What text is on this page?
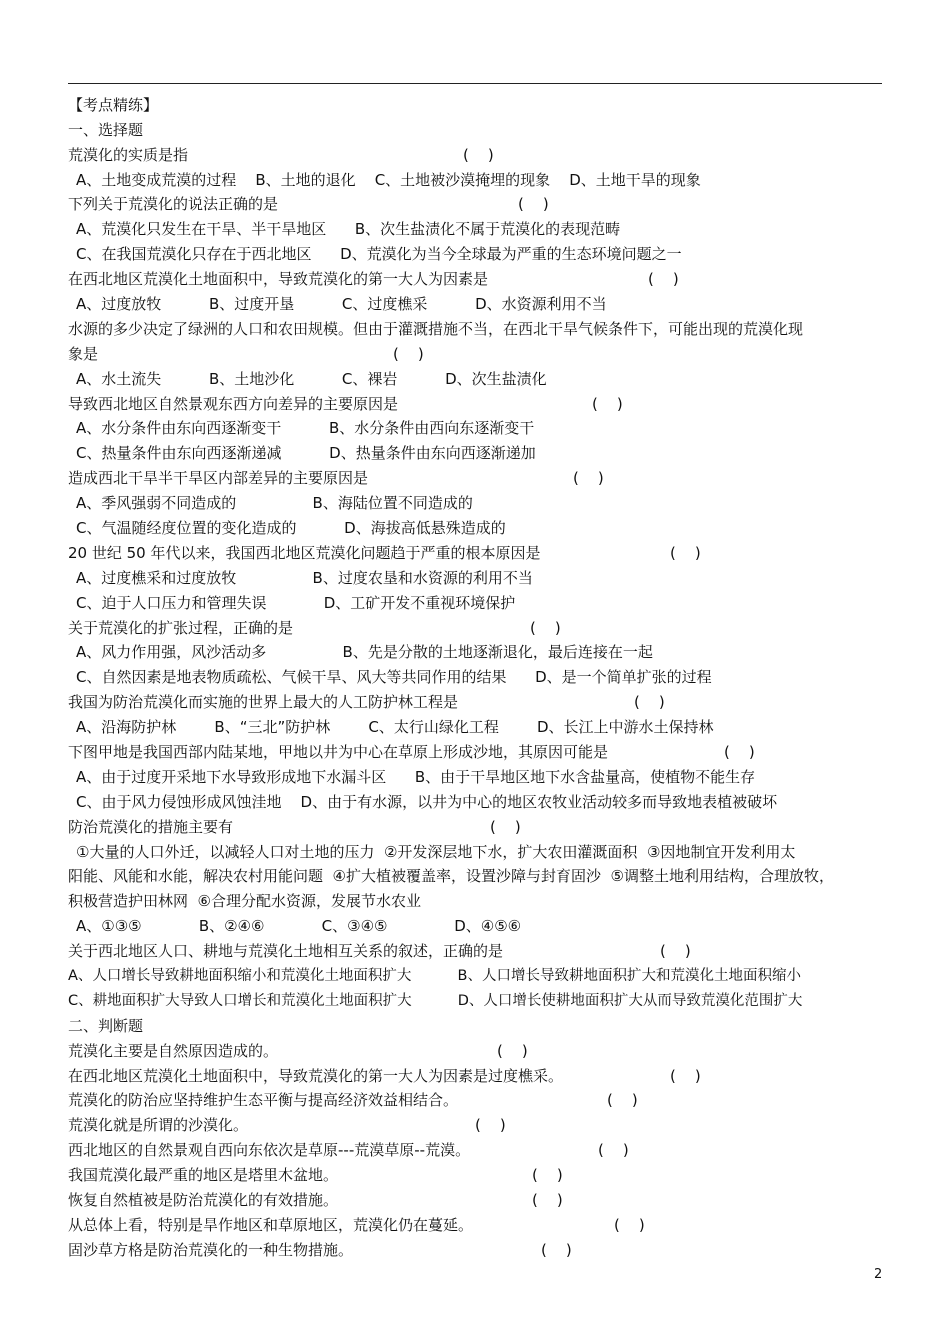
【考点精练】
一、选择题
荒漠化的实质是指	(    )
A、土地变成荒漠的过程    B、土地的退化    C、土地被沙漠掩埋的现象    D、土地干旱的现象
下列关于荒漠化的说法正确的是	(    )
A、荒漠化只发生在干旱、半干旱地区      B、次生盐渍化不属于荒漠化的表现范畴
C、在我国荒漠化只存在于西北地区      D、荒漠化为当今全球最为严重的生态环境问题之一
在西北地区荒漠化土地面积中，导致荒漠化的第一大人为因素是	(    )
A、过度放牧          B、过度开垦          C、过度樵采          D、水资源利用不当
水源的多少决定了绿洲的人口和农田规模。但由于灌溉措施不当，在西北干旱气候条件下，可能出现的荒漠化现
象是	(    )
A、水土流失          B、土地沙化          C、裸岩          D、次生盐渍化
导致西北地区自然景观东西方向差异的主要原因是	(    )
A、水分条件由东向西逐渐变干          B、水分条件由西向东逐渐变干
C、热量条件由东向西逐渐递减          D、热量条件由东向西逐渐递加
造成西北干旱半干旱区内部差异的主要原因是	(    )
A、季风强弱不同造成的                B、海陆位置不同造成的
C、气温随经度位置的变化造成的          D、海拔高低悬殊造成的
20 世纪 50 年代以来，我国西北地区荒漠化问题趋于严重的根本原因是	(    )
A、过度樵采和过度放牧                B、过度农垦和水资源的利用不当
C、迫于人口压力和管理失误            D、工矿开发不重视环境保护
关于荒漠化的扩张过程，正确的是	(    )
A、风力作用强，风沙活动多                B、先是分散的土地逐渐退化，最后连接在一起
C、自然因素是地表物质疏松、气候干旱、风大等共同作用的结果      D、是一个简单扩张的过程
我国为防治荒漠化而实施的世界上最大的人工防护林工程是	(    )
A、沿海防护林        B、“三北”防护林        C、太行山绿化工程        D、长江上中游水土保持林
下图甲地是我国西部内陆某地，甲地以井为中心在草原上形成沙地，其原因可能是	(    )
A、由于过度开采地下水导致形成地下水漏斗区      B、由于干旱地区地下水含盐量高，使植物不能生存
C、由于风力侵蚀形成风蚀洼地    D、由于有水源，以井为中心的地区农牧业活动较多而导致地表植被破坏
防治荒漠化的措施主要有	(    )
①大量的人口外迁，以减轻人口对土地的压力  ②开发深层地下水，扩大农田灌溉面积  ③因地制宜开发利用太
阳能、风能和水能，解决农村用能问题  ④扩大植被覆盖率，设置沙障与封育固沙  ⑤调整土地利用结构，合理放牧，
积极营造护田林网  ⑥合理分配水资源，发展节水农业
A、①③⑤            B、②④⑥            C、③④⑤              D、④⑤⑥
关于西北地区人口、耕地与荒漠化土地相互关系的叙述，正确的是	(    )
A、人口增长导致耕地面积缩小和荒漠化土地面积扩大          B、人口增长导致耕地面积扩大和荒漠化土地面积缩小
C、耕地面积扩大导致人口增长和荒漠化土地面积扩大          D、人口增长使耕地面积扩大从而导致荒漠化范围扩大
二、判断题
荒漠化主要是自然原因造成的。	(    )
在西北地区荒漠化土地面积中，导致荒漠化的第一大人为因素是过度樵采。	(    )
荒漠化的防治应坚持维护生态平衡与提高经济效益相结合。	(    )
荒漠化就是所谓的沙漠化。	(    )
西北地区的自然景观自西向东依次是草原---荒漠草原--荒漠。	(    )
我国荒漠化最严重的地区是塔里木盆地。	(    )
恢复自然植被是防治荒漠化的有效措施。	(    )
从总体上看，特别是旱作地区和草原地区，荒漠化仍在蔓延。	(    )
固沙草方格是防治荒漠化的一种生物措施。	(    )
2
